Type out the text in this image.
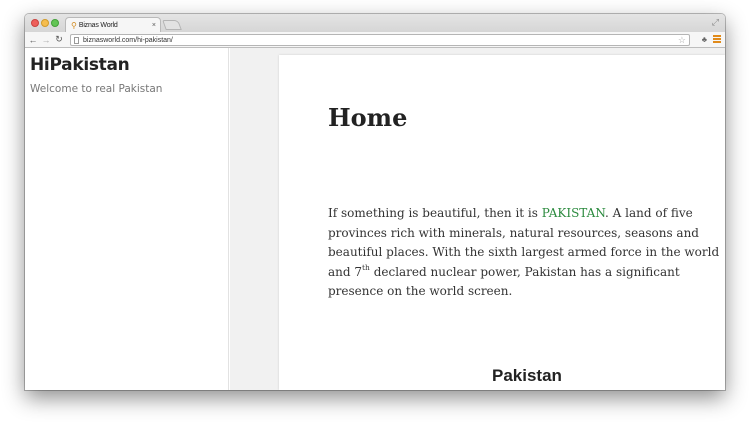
⚲ Biznas World	×	⤢
← → ↻	biznasworld.com/hi-pakistan/	☆ ♣
HiPakistan
Welcome to real Pakistan
Home

If something is beautiful, then it is PAKISTAN. A land of five provinces rich with minerals, natural resources, seasons and beautiful places. With the sixth largest armed force in the world and 7th declared nuclear power, Pakistan has a significant presence on the world screen.

Pakistan
